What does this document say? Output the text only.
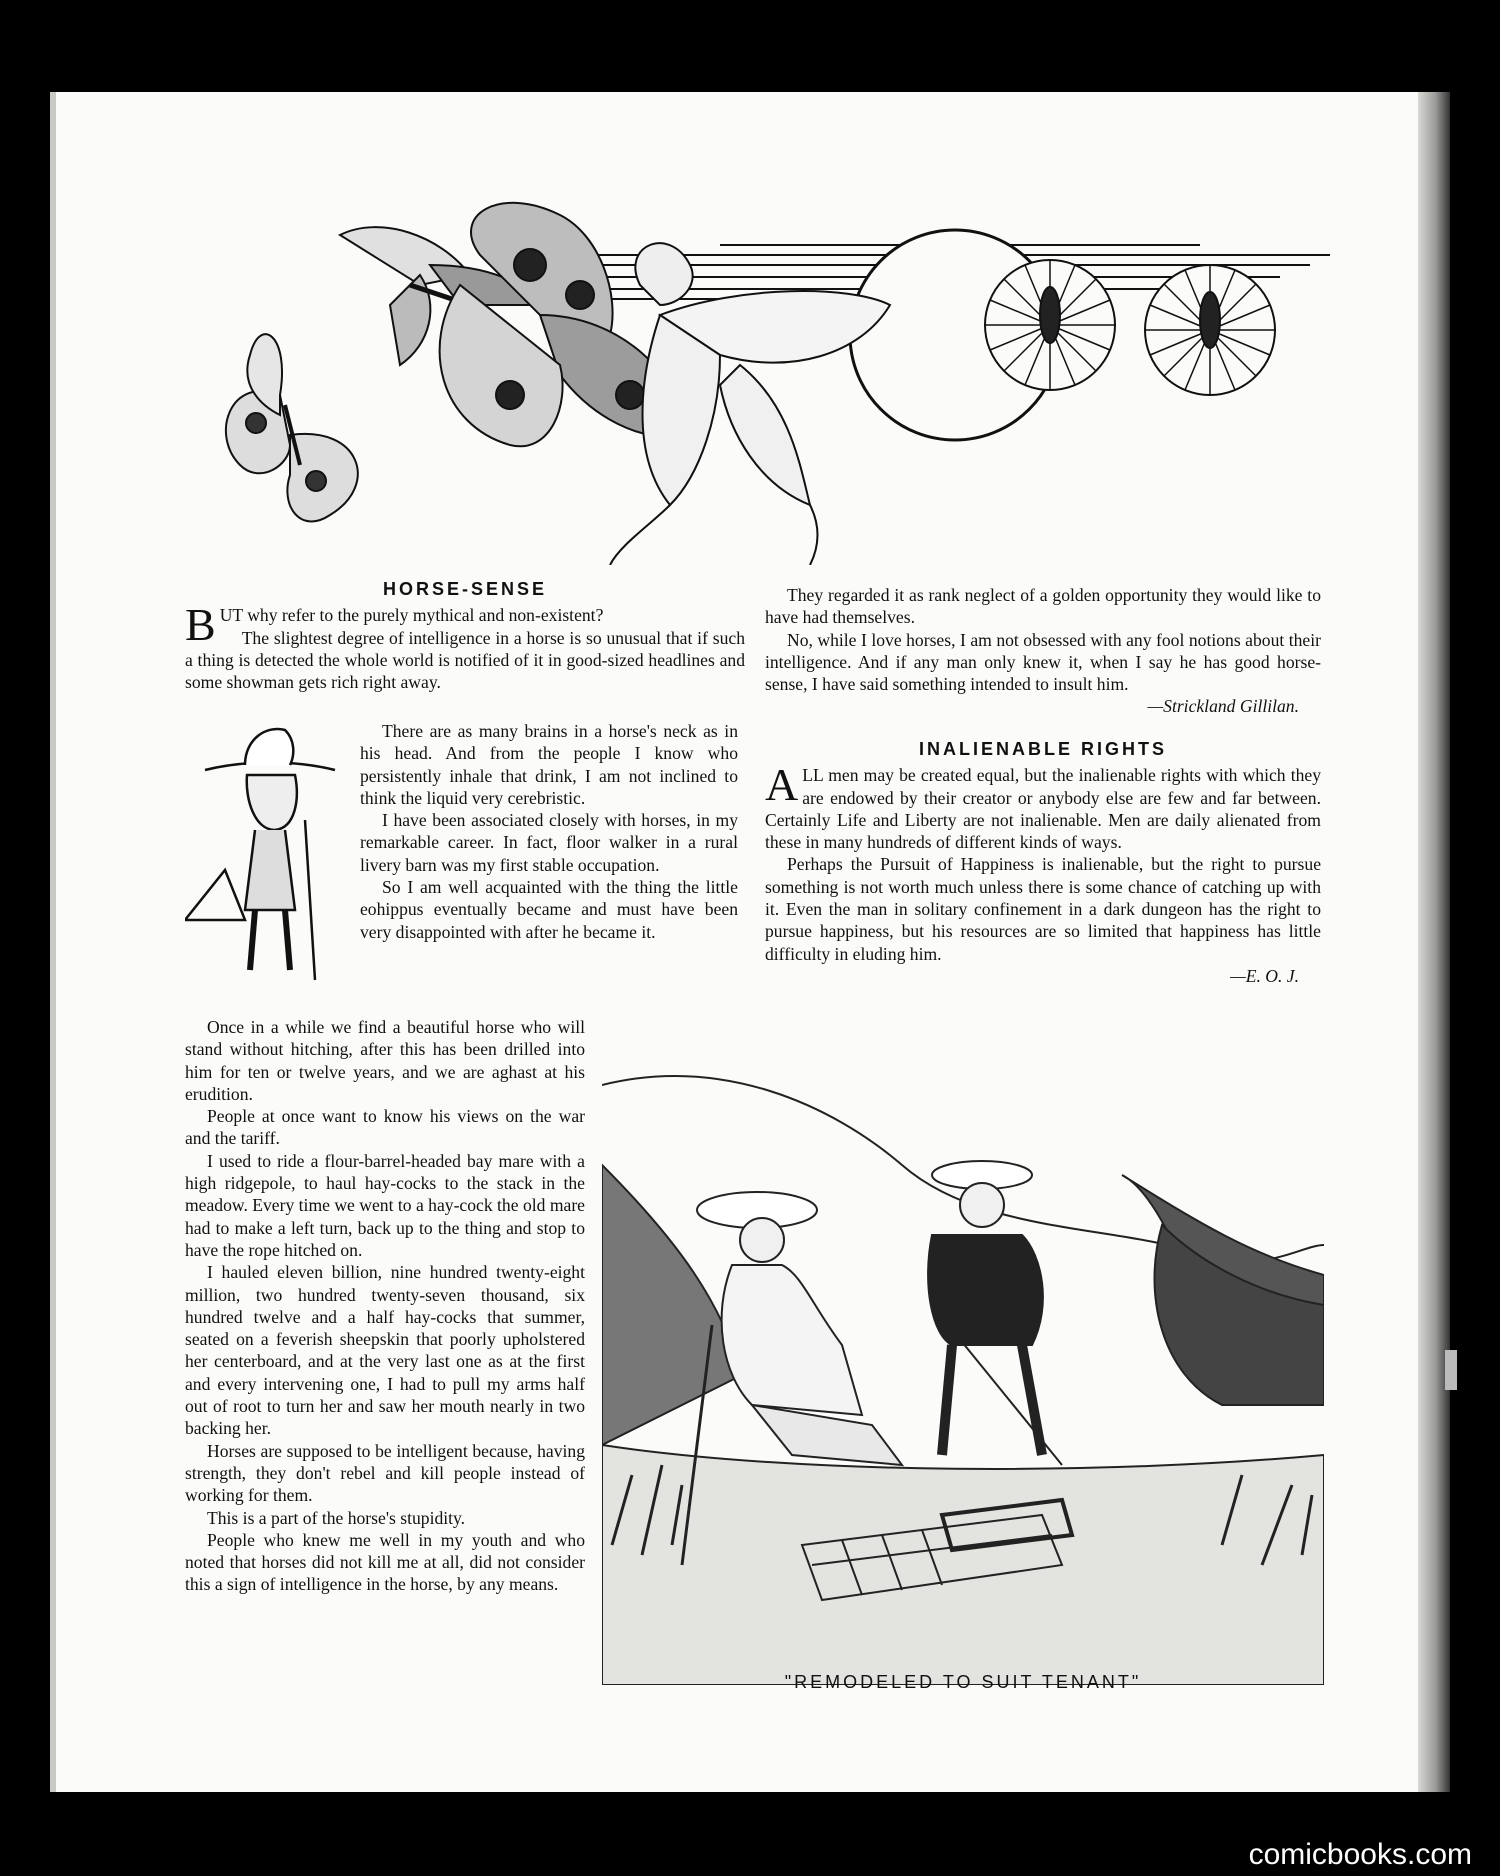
HORSE-SENSE

B UT why refer to the purely mythical and non-existent?

The slightest degree of intelligence in a horse is so unusual that if such a thing is detected the whole world is notified of it in good-sized headlines and some showman gets rich right away.

There are as many brains in a horse's neck as in his head. And from the people I know who persistently inhale that drink, I am not inclined to think the liquid very cerebristic.

I have been associated closely with horses, in my remarkable career. In fact, floor walker in a rural livery barn was my first stable occupation.

So I am well acquainted with the thing the little eohippus eventually became and must have been very disappointed with after he became it.

Once in a while we find a beautiful horse who will stand without hitching, after this has been drilled into him for ten or twelve years, and we are aghast at his erudition.

People at once want to know his views on the war and the tariff.

I used to ride a flour-barrel-headed bay mare with a high ridgepole, to haul hay-cocks to the stack in the meadow. Every time we went to a hay-cock the old mare had to make a left turn, back up to the thing and stop to have the rope hitched on.

I hauled eleven billion, nine hundred twenty-eight million, two hundred twenty-seven thousand, six hundred twelve and a half hay-cocks that summer, seated on a feverish sheepskin that poorly upholstered her centerboard, and at the very last one as at the first and every intervening one, I had to pull my arms half out of root to turn her and saw her mouth nearly in two backing her.

Horses are supposed to be intelligent because, having strength, they don't rebel and kill people instead of working for them.

This is a part of the horse's stupidity.

People who knew me well in my youth and who noted that horses did not kill me at all, did not consider this a sign of intelligence in the horse, by any means.

They regarded it as rank neglect of a golden opportunity they would like to have had themselves.

No, while I love horses, I am not obsessed with any fool notions about their intelligence. And if any man only knew it, when I say he has good horse-sense, I have said something intended to insult him.

—Strickland Gillilan.
INALIENABLE RIGHTS

A LL men may be created equal, but the inalienable rights with which they are endowed by their creator or anybody else are few and far between. Certainly Life and Liberty are not inalienable. Men are daily alienated from these in many hundreds of different kinds of ways.

Perhaps the Pursuit of Happiness is inalienable, but the right to pursue something is not worth much unless there is some chance of catching up with it. Even the man in solitary confinement in a dark dungeon has the right to pursue happiness, but his resources are so limited that happiness has little difficulty in eluding him.

—E. O. J.
"REMODELED TO SUIT TENANT"
comicbooks.com
